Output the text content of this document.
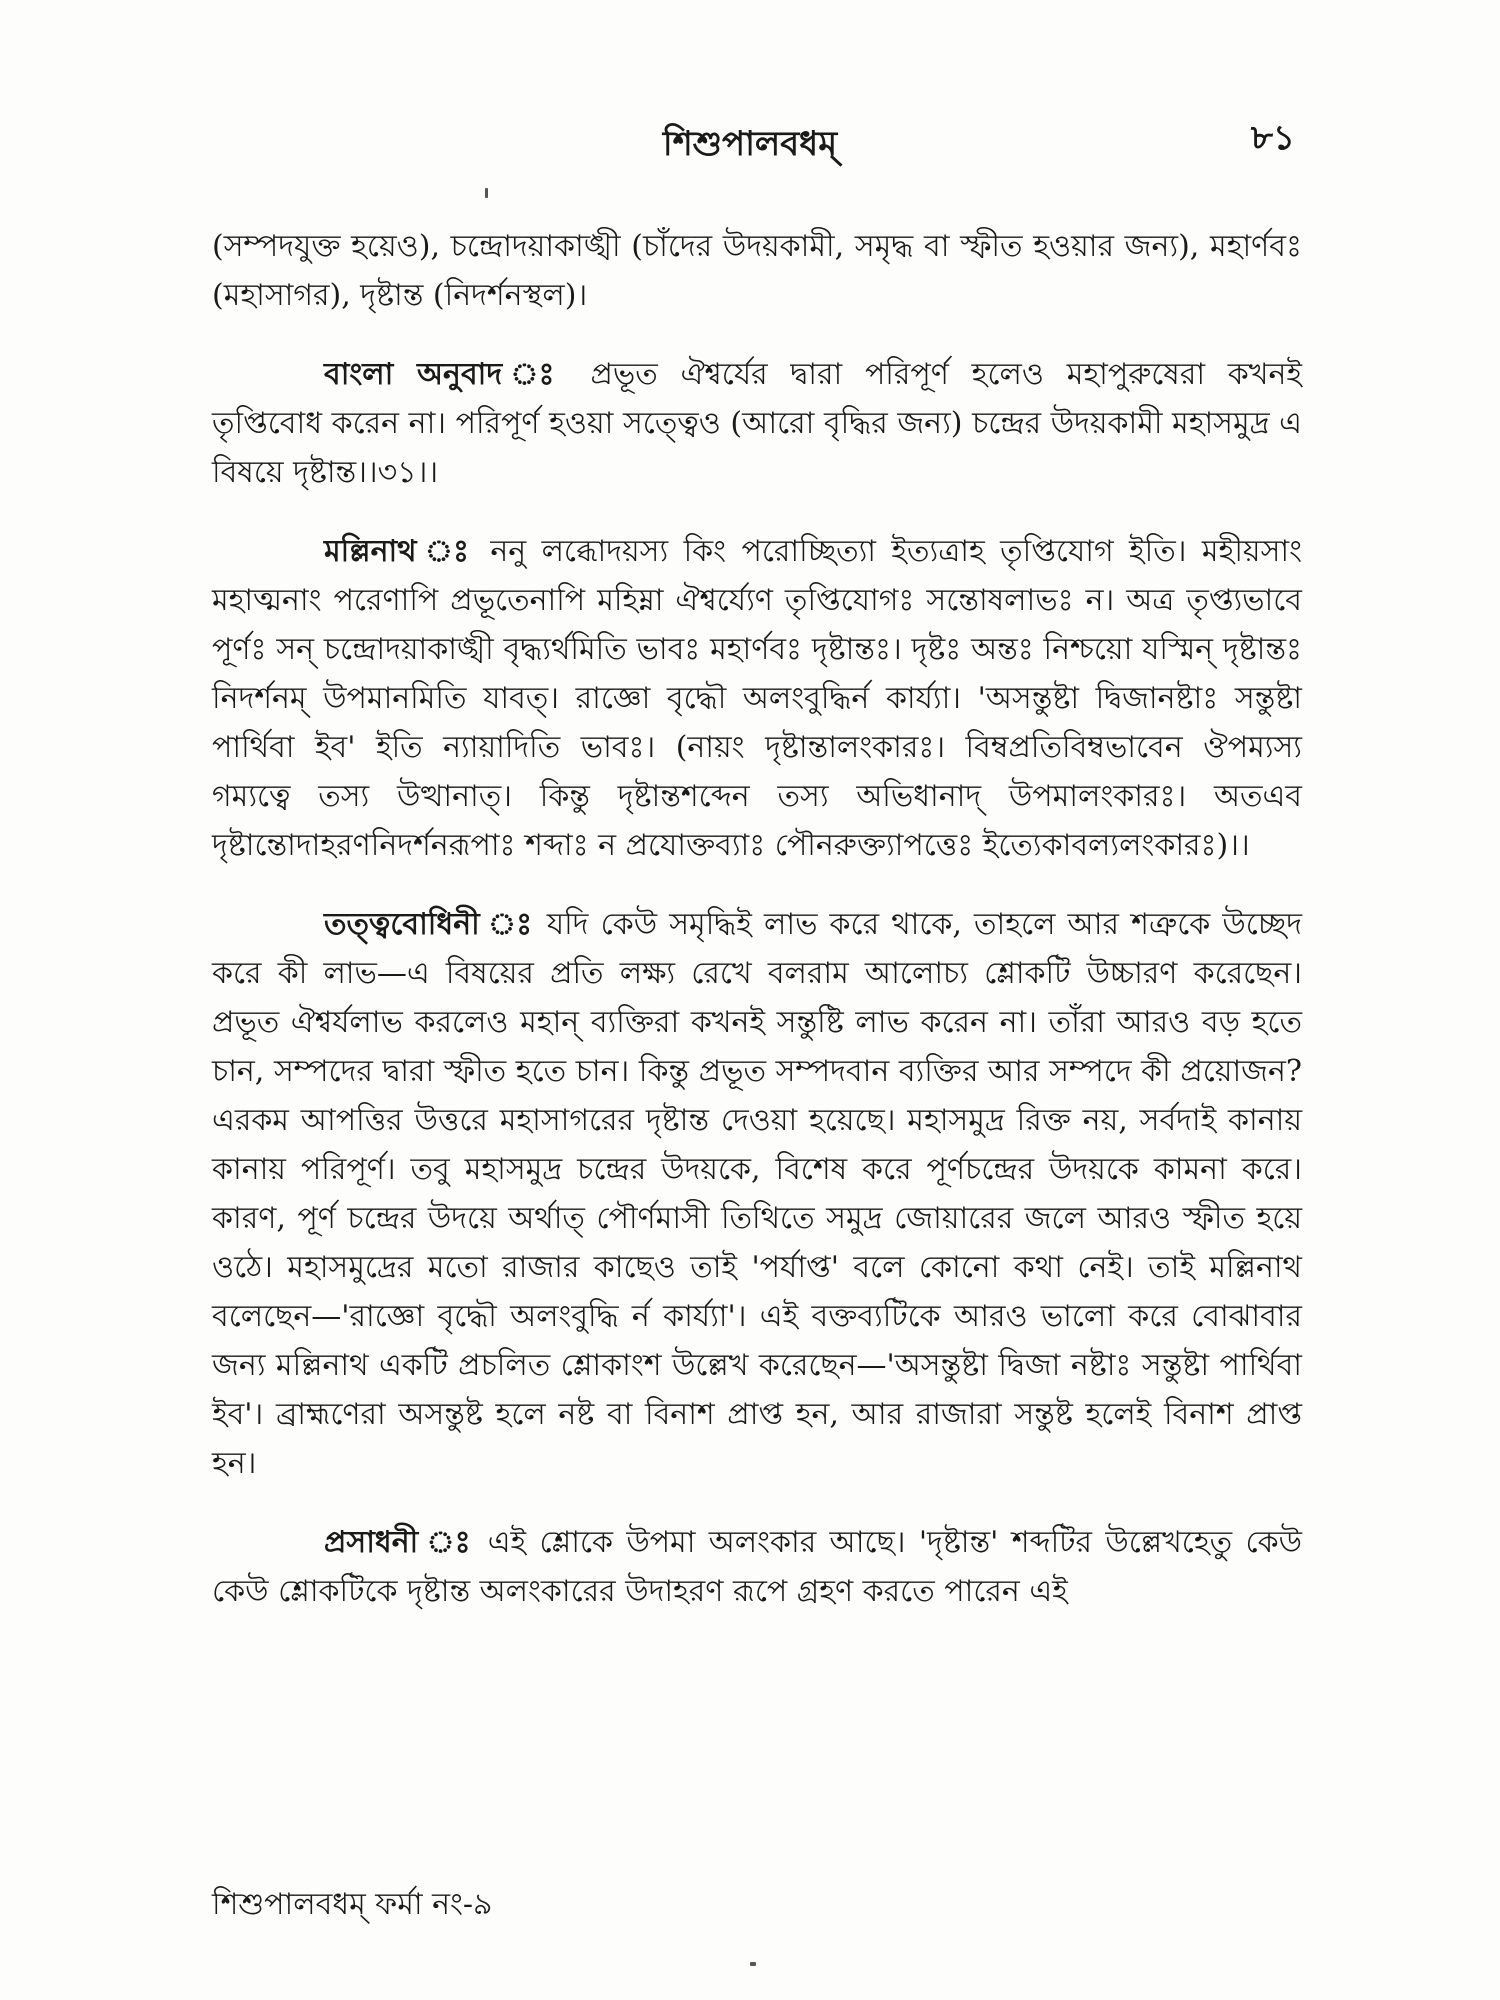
শিশুপালবধম্	৮১

(সম্পদযুক্ত হয়েও), চন্দ্রোদয়াকাঙ্খী (চাঁদের উদয়কামী, সমৃদ্ধ বা স্ফীত হওয়ার জন্য), মহার্ণবঃ (মহাসাগর), দৃষ্টান্ত (নিদর্শনস্থল)।

বাংলা অনুবাদ ঃ প্রভূত ঐশ্বর্যের দ্বারা পরিপূর্ণ হলেও মহাপুরুষেরা কখনই তৃপ্তিবোধ করেন না। পরিপূর্ণ হওয়া সত্ত্বেও (আরো বৃদ্ধির জন্য) চন্দ্রের উদয়কামী মহাসমুদ্র এ বিষয়ে দৃষ্টান্ত।।৩১।।

মল্লিনাথ ঃ ননু লব্ধোদয়স্য কিং পরোচ্ছিত্যা ইত্যত্রাহ তৃপ্তিযোগ ইতি। মহীয়সাং মহাত্মনাং পরেণাপি প্রভূতেনাপি মহিম্না ঐশ্বর্য্যেণ তৃপ্তিযোগঃ সন্তোষলাভঃ ন। অত্র তৃপ্ত্যভাবে পূর্ণঃ সন্ চন্দ্রোদয়াকাঙ্খী বৃদ্ধ্যর্থমিতি ভাবঃ মহার্ণবঃ দৃষ্টান্তঃ। দৃষ্টঃ অন্তঃ নিশ্চয়ো যস্মিন্ দৃষ্টান্তঃ নিদর্শনম্ উপমানমিতি যাবত্। রাজ্ঞো বৃদ্ধৌ অলংবুদ্ধির্ন কার্য্যা। 'অসন্তুষ্টা দ্বিজানষ্টাঃ সন্তুষ্টা পার্থিবা ইব' ইতি ন্যায়াদিতি ভাবঃ। (নায়ং দৃষ্টান্তালংকারঃ। বিম্বপ্রতিবিম্বভাবেন ঔপম্যস্য গম্যত্বে তস্য উত্থানাত্। কিন্তু দৃষ্টান্তশব্দেন তস্য অভিধানাদ্ উপমালংকারঃ। অতএব দৃষ্টান্তোদাহরণনিদর্শনরূপাঃ শব্দাঃ ন প্রযোক্তব্যাঃ পৌনরুক্ত্যাপত্তেঃ ইত্যেকাবল্যলংকারঃ)।।

তত্ত্ববোধিনী ঃ যদি কেউ সমৃদ্ধিই লাভ করে থাকে, তাহলে আর শত্রুকে উচ্ছেদ করে কী লাভ—এ বিষয়ের প্রতি লক্ষ্য রেখে বলরাম আলোচ্য শ্লোকটি উচ্চারণ করেছেন। প্রভূত ঐশ্বর্যলাভ করলেও মহান্ ব্যক্তিরা কখনই সন্তুষ্টি লাভ করেন না। তাঁরা আরও বড় হতে চান, সম্পদের দ্বারা স্ফীত হতে চান। কিন্তু প্রভূত সম্পদবান ব্যক্তির আর সম্পদে কী প্রয়োজন? এরকম আপত্তির উত্তরে মহাসাগরের দৃষ্টান্ত দেওয়া হয়েছে। মহাসমুদ্র রিক্ত নয়, সর্বদাই কানায় কানায় পরিপূর্ণ। তবু মহাসমুদ্র চন্দ্রের উদয়কে, বিশেষ করে পূর্ণচন্দ্রের উদয়কে কামনা করে। কারণ, পূর্ণ চন্দ্রের উদয়ে অর্থাত্ পৌর্ণমাসী তিথিতে সমুদ্র জোয়ারের জলে আরও স্ফীত হয়ে ওঠে। মহাসমুদ্রের মতো রাজার কাছেও তাই 'পর্যাপ্ত' বলে কোনো কথা নেই। তাই মল্লিনাথ বলেছেন—'রাজ্ঞো বৃদ্ধৌ অলংবুদ্ধি র্ন কার্য্যা'। এই বক্তব্যটিকে আরও ভালো করে বোঝাবার জন্য মল্লিনাথ একটি প্রচলিত শ্লোকাংশ উল্লেখ করেছেন—'অসন্তুষ্টা দ্বিজা নষ্টাঃ সন্তুষ্টা পার্থিবা ইব'। ব্রাহ্মণেরা অসন্তুষ্ট হলে নষ্ট বা বিনাশ প্রাপ্ত হন, আর রাজারা সন্তুষ্ট হলেই বিনাশ প্রাপ্ত হন।

প্রসাধনী ঃ এই শ্লোকে উপমা অলংকার আছে। 'দৃষ্টান্ত' শব্দটির উল্লেখহেতু কেউ কেউ শ্লোকটিকে দৃষ্টান্ত অলংকারের উদাহরণ রূপে গ্রহণ করতে পারেন এই

শিশুপালবধম্ ফর্মা নং-৯
